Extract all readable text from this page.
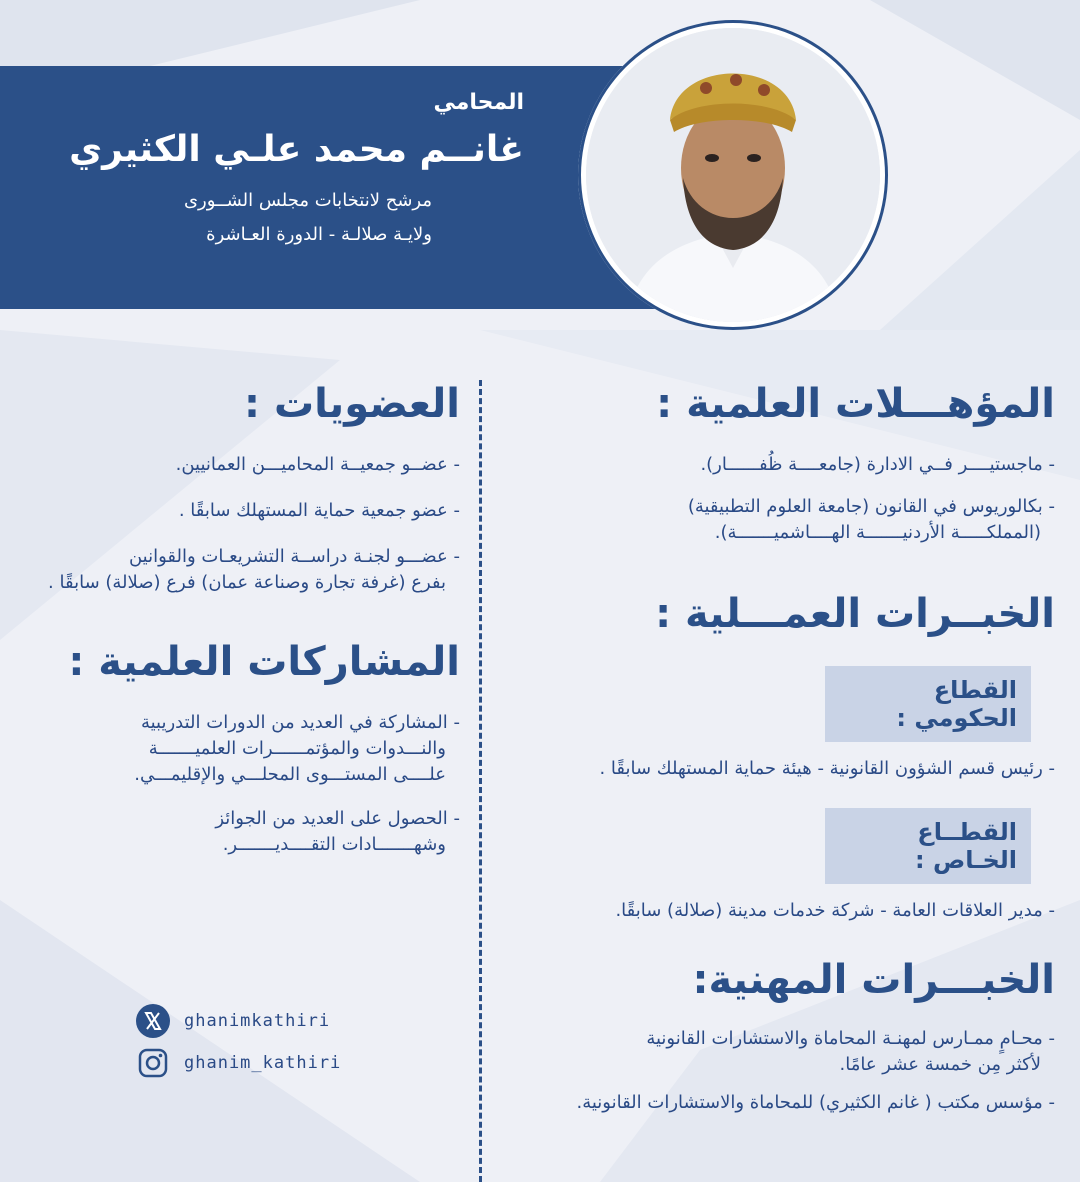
المحامي

غانــم محمد علـي الكثيري

مرشح لانتخابات مجلس الشــورى

ولايـة صلالـة - الدورة العـاشرة

المؤهـــلات العلمية :

- ماجستيــــر فــي الادارة (جامعــــة ظُفــــــار).

- بكالوريوس في القانون (جامعة العلوم التطبيقية)
(المملكـــــة الأردنيـــــــة الهــــاشميـــــــة).

الخبــرات العمـــلية :
القطاع الحكومي :

- رئيس قسم الشؤون القانونية - هيئة حماية المستهلك سابقًا .

القطــاع الخـاص :

- مدير العلاقات العامة - شركة خدمات مدينة (صلالة) سابقًا.

الخبـــرات المهنية:

- محـامٍ ممـارس لمهنـة المحاماة والاستشارات القانونية
لأكثر مِن خمسة عشر عامًا.

- مؤسس مكتب ( غانم الكثيري) للمحاماة والاستشارات القانونية.

العضويات :

- عضــو جمعيــة المحاميـــن العمانيين.

- عضو جمعية حماية المستهلك سابقًا .

- عضـــو لجنـة دراســة التشريعـات والقوانين
بفرع (غرفة تجارة وصناعة عمان) فرع (صلالة) سابقًا .

المشاركات العلمية :

- المشاركة في العديد من الدورات التدريبية
والنـــدوات والمؤتمــــــرات العلميـــــــة
علــــى المستـــوى المحلـــي والإقليمـــي.

- الحصول على العديد من الجوائز
وشهـــــــادات التقــــديـــــــر.

ghanimkathiri
ghanim_kathiri
